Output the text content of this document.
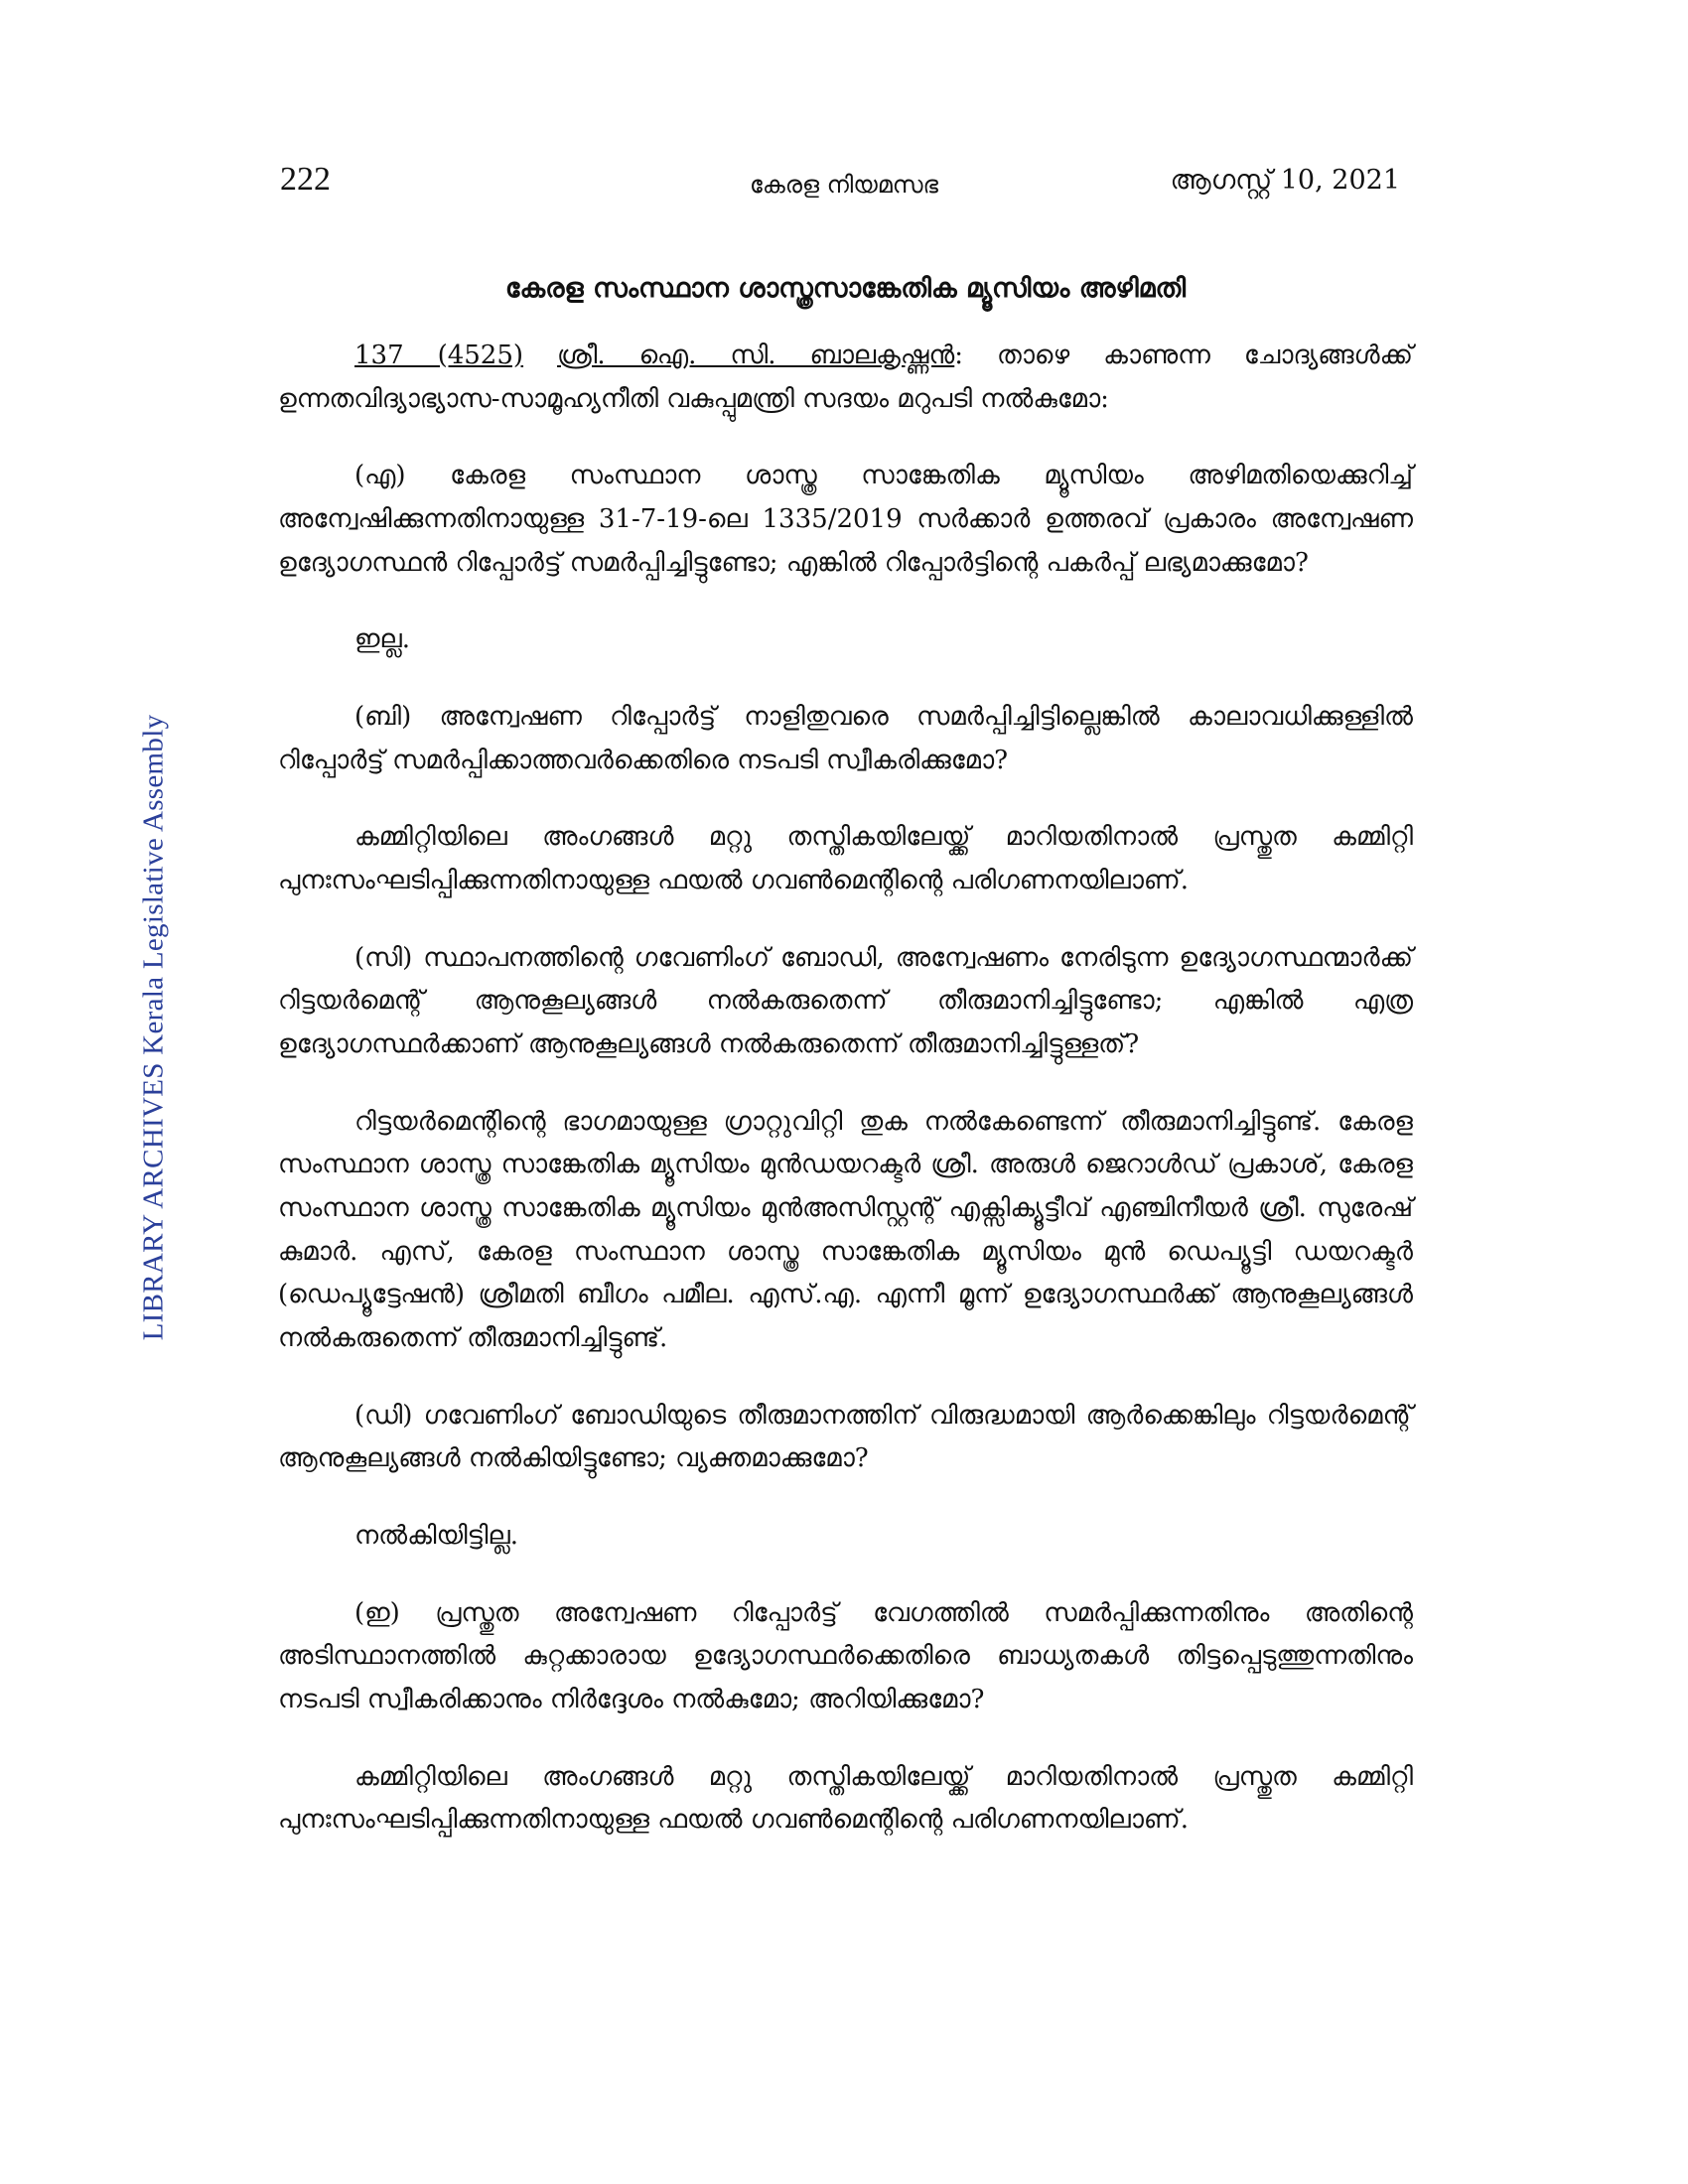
222	കേരള നിയമസഭ	ആഗസ്റ്റ് 10, 2021
LIBRARY ARCHIVES Kerala Legislative Assembly
കേരള സംസ്ഥാന ശാസ്ത്രസാങ്കേതിക മ്യൂസിയം അഴിമതി

137 (4525) ശ്രീ. ഐ. സി. ബാലകൃഷ്ണൻ: താഴെ കാണുന്ന ചോദ്യങ്ങൾക്ക് ഉന്നതവിദ്യാഭ്യാസ-സാമൂഹ്യനീതി വകുപ്പുമന്ത്രി സദയം മറുപടി നൽകുമോ:

(എ) കേരള സംസ്ഥാന ശാസ്ത്ര സാങ്കേതിക മ്യൂസിയം അഴിമതിയെക്കുറിച്ച് അന്വേഷിക്കുന്നതിനായുള്ള 31-7-19-ലെ 1335/2019 സർക്കാർ ഉത്തരവ് പ്രകാരം അന്വേഷണ ഉദ്യോഗസ്ഥൻ റിപ്പോർട്ട് സമർപ്പിച്ചിട്ടുണ്ടോ; എങ്കിൽ റിപ്പോർട്ടിന്റെ പകർപ്പ് ലഭ്യമാക്കുമോ?

ഇല്ല.

(ബി) അന്വേഷണ റിപ്പോർട്ട് നാളിതുവരെ സമർപ്പിച്ചിട്ടില്ലെങ്കിൽ കാലാവധിക്കുള്ളിൽ റിപ്പോർട്ട് സമർപ്പിക്കാത്തവർക്കെതിരെ നടപടി സ്വീകരിക്കുമോ?

കമ്മിറ്റിയിലെ അംഗങ്ങൾ മറ്റു തസ്തികയിലേയ്ക്ക് മാറിയതിനാൽ പ്രസ്തുത കമ്മിറ്റി പുനഃസംഘടിപ്പിക്കുന്നതിനായുള്ള ഫയൽ ഗവൺമെന്റിന്റെ പരിഗണനയിലാണ്.

(സി) സ്ഥാപനത്തിന്റെ ഗവേണിംഗ് ബോഡി, അന്വേഷണം നേരിടുന്ന ഉദ്യോഗസ്ഥന്മാർക്ക് റിട്ടയർമെന്റ് ആനുകൂല്യങ്ങൾ നൽകരുതെന്ന് തീരുമാനിച്ചിട്ടുണ്ടോ; എങ്കിൽ എത്ര ഉദ്യോഗസ്ഥർക്കാണ് ആനുകൂല്യങ്ങൾ നൽകരുതെന്ന് തീരുമാനിച്ചിട്ടുള്ളത്?

റിട്ടയർമെന്റിന്റെ ഭാഗമായുള്ള ഗ്രാറ്റുവിറ്റി തുക നൽകേണ്ടെന്ന് തീരുമാനിച്ചിട്ടുണ്ട്. കേരള സംസ്ഥാന ശാസ്ത്ര സാങ്കേതിക മ്യൂസിയം മുൻഡയറക്ടർ ശ്രീ. അരുൾ ജെറാൾഡ് പ്രകാശ്, കേരള സംസ്ഥാന ശാസ്ത്ര സാങ്കേതിക മ്യൂസിയം മുൻഅസിസ്റ്റന്റ് എക്സിക്യൂട്ടീവ് എഞ്ചിനീയർ ശ്രീ. സുരേഷ് കുമാർ. എസ്, കേരള സംസ്ഥാന ശാസ്ത്ര സാങ്കേതിക മ്യൂസിയം മുൻ ഡെപ്യൂട്ടി ഡയറക്ടർ (ഡെപ്യൂട്ടേഷൻ) ശ്രീമതി ബീഗം പമീല. എസ്.എ. എന്നീ മൂന്ന് ഉദ്യോഗസ്ഥർക്ക് ആനുകൂല്യങ്ങൾ നൽകരുതെന്ന് തീരുമാനിച്ചിട്ടുണ്ട്.

(ഡി) ഗവേണിംഗ് ബോഡിയുടെ തീരുമാനത്തിന് വിരുദ്ധമായി ആർക്കെങ്കിലും റിട്ടയർമെന്റ് ആനുകൂല്യങ്ങൾ നൽകിയിട്ടുണ്ടോ; വ്യക്തമാക്കുമോ?

നൽകിയിട്ടില്ല.

(ഇ) പ്രസ്തുത അന്വേഷണ റിപ്പോർട്ട് വേഗത്തിൽ സമർപ്പിക്കുന്നതിനും അതിന്റെ അടിസ്ഥാനത്തിൽ കുറ്റക്കാരായ ഉദ്യോഗസ്ഥർക്കെതിരെ ബാധ്യതകൾ തിട്ടപ്പെടുത്തുന്നതിനും നടപടി സ്വീകരിക്കാനും നിർദ്ദേശം നൽകുമോ; അറിയിക്കുമോ?

കമ്മിറ്റിയിലെ അംഗങ്ങൾ മറ്റു തസ്തികയിലേയ്ക്ക് മാറിയതിനാൽ പ്രസ്തുത കമ്മിറ്റി പുനഃസംഘടിപ്പിക്കുന്നതിനായുള്ള ഫയൽ ഗവൺമെന്റിന്റെ പരിഗണനയിലാണ്.
